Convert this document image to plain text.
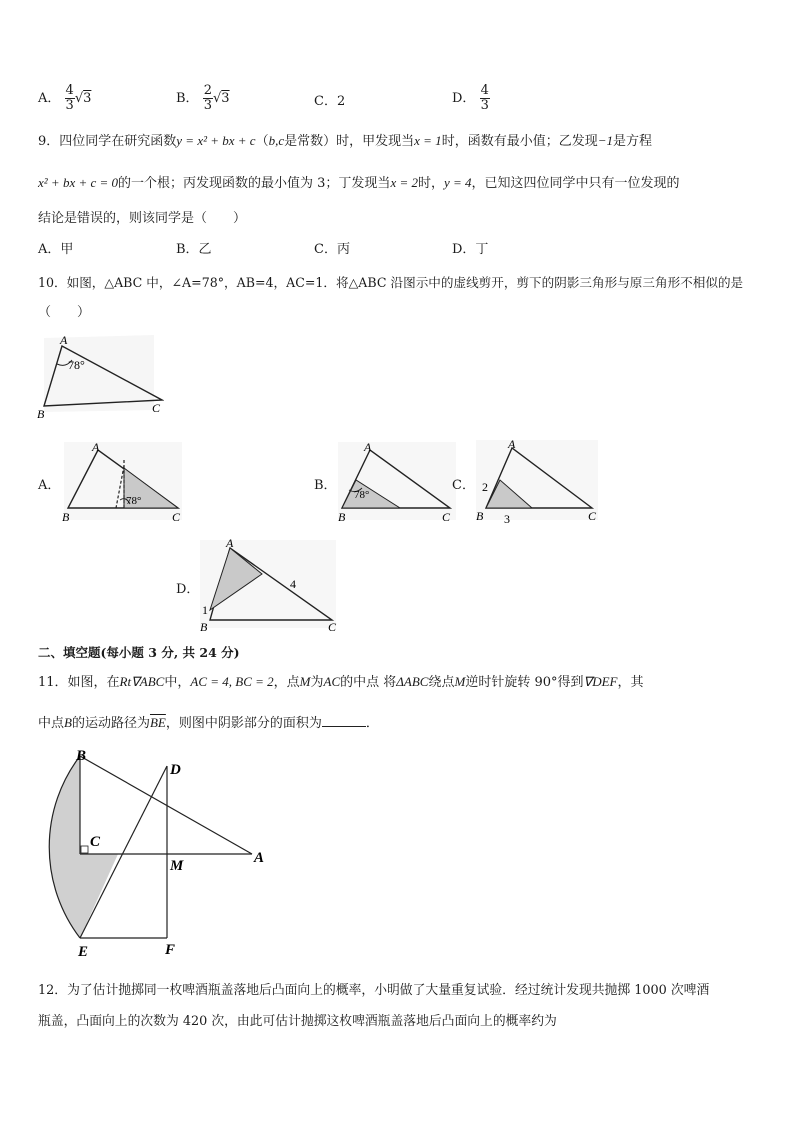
A． $\frac{4}{3} √3$	B． $\frac{2}{3} √3$	C．2	D． $\frac{4}{3}$
9．四位同学在研究函数y = x² + bx + c（b,c是常数）时，甲发现当x = 1时，函数有最小值；乙发现−1是方程
x² + bx + c = 0的一个根；丙发现函数的最小值为 3；丁发现当x = 2时，y = 4，已知这四位同学中只有一位发现的
结论是错误的，则该同学是（　　）
A．甲	B．乙	C．丙	D．丁
10．如图，△ABC 中，∠A=78°，AB=4，AC=1．将△ABC 沿图示中的虚线剪开，剪下的阴影三角形与原三角形不相似的是
（　　）
A
B	C
78°
A．
A
B	C
78°
B．
A
B	C
78°
C．
A
B	C
2
3
D．
A
B	C
1
4
二、填空题(每小题 3 分, 共 24 分)
11．如图，在Rt∇ABC中，AC = 4, BC = 2，点M为AC的中点 将ΔABC绕点M逆时针旋转 90°得到∇DEF，其
中点B的运动路径为$\overline{BE}$，则图中阴影部分的面积为	．
B
D
C
M	A
E	F
12．为了估计抛掷同一枚啤酒瓶盖落地后凸面向上的概率，小明做了大量重复试验．经过统计发现共抛掷 1000 次啤酒
瓶盖，凸面向上的次数为 420 次，由此可估计抛掷这枚啤酒瓶盖落地后凸面向上的概率约为
